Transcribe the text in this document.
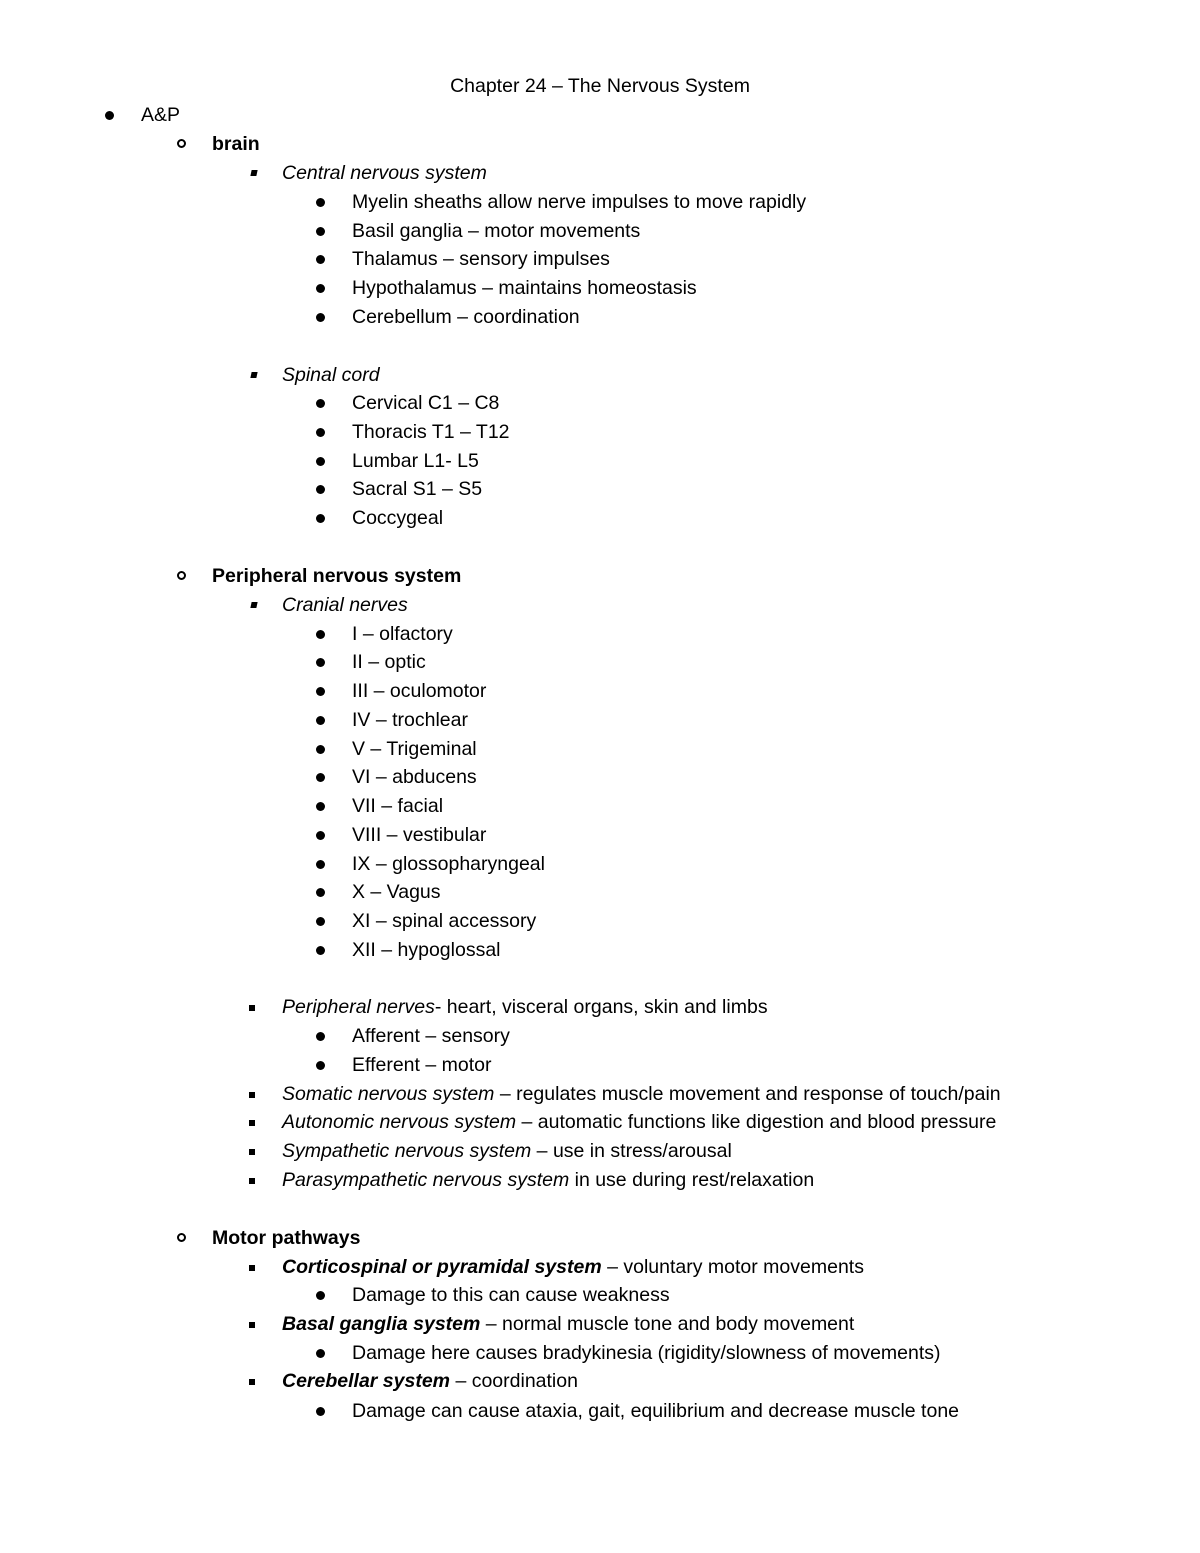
Chapter 24 – The Nervous System
A&P
brain
Central nervous system
Myelin sheaths allow nerve impulses to move rapidly
Basil ganglia – motor movements
Thalamus – sensory impulses
Hypothalamus – maintains homeostasis
Cerebellum – coordination
Spinal cord
Cervical C1 – C8
Thoracis T1 – T12
Lumbar L1- L5
Sacral S1 – S5
Coccygeal
Peripheral nervous system
Cranial nerves
I – olfactory
II – optic
III – oculomotor
IV – trochlear
V – Trigeminal
VI – abducens
VII – facial
VIII – vestibular
IX – glossopharyngeal
X – Vagus
XI – spinal accessory
XII – hypoglossal
Peripheral nerves- heart, visceral organs, skin and limbs
Afferent – sensory
Efferent – motor
Somatic nervous system – regulates muscle movement and response of touch/pain
Autonomic nervous system – automatic functions like digestion and blood pressure
Sympathetic nervous system – use in stress/arousal
Parasympathetic nervous system in use during rest/relaxation
Motor pathways
Corticospinal or pyramidal system – voluntary motor movements
Damage to this can cause weakness
Basal ganglia system – normal muscle tone and body movement
Damage here causes bradykinesia (rigidity/slowness of movements)
Cerebellar system – coordination
Damage can cause ataxia, gait, equilibrium and decrease muscle tone
